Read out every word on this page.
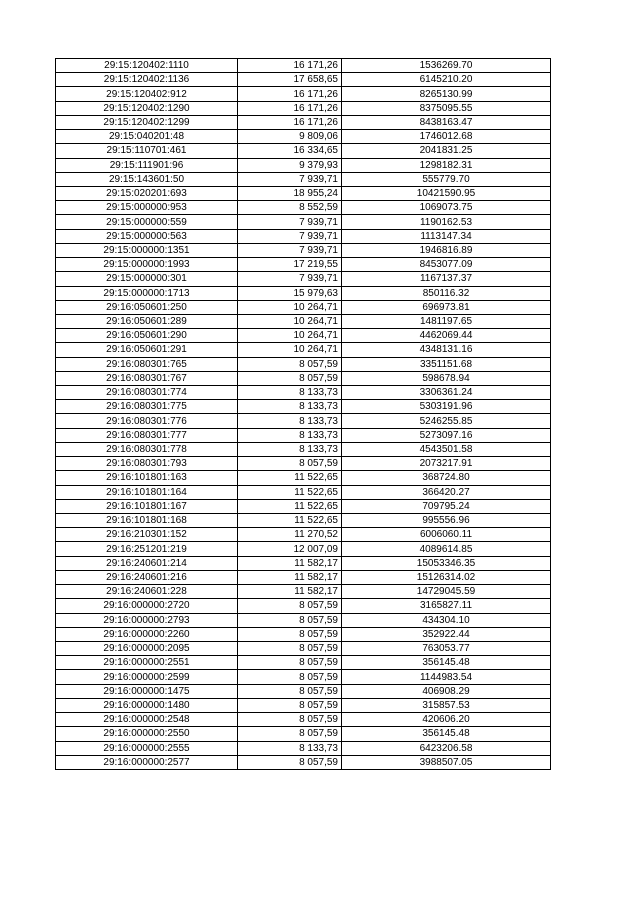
29:15:120402:1110	16 171,26	1536269.70
29:15:120402:1136	17 658,65	6145210.20
29:15:120402:912	16 171,26	8265130.99
29:15:120402:1290	16 171,26	8375095.55
29:15:120402:1299	16 171,26	8438163.47
29:15:040201:48	9 809,06	1746012.68
29:15:110701:461	16 334,65	2041831.25
29:15:111901:96	9 379,93	1298182.31
29:15:143601:50	7 939,71	555779.70
29:15:020201:693	18 955,24	10421590.95
29:15:000000:953	8 552,59	1069073.75
29:15:000000:559	7 939,71	1190162.53
29:15:000000:563	7 939,71	1113147.34
29:15:000000:1351	7 939,71	1946816.89
29:15:000000:1993	17 219,55	8453077.09
29:15:000000:301	7 939,71	1167137.37
29:15:000000:1713	15 979,63	850116.32
29:16:050601:250	10 264,71	696973.81
29:16:050601:289	10 264,71	1481197.65
29:16:050601:290	10 264,71	4462069.44
29:16:050601:291	10 264,71	4348131.16
29:16:080301:765	8 057,59	3351151.68
29:16:080301:767	8 057,59	598678.94
29:16:080301:774	8 133,73	3306361.24
29:16:080301:775	8 133,73	5303191.96
29:16:080301:776	8 133,73	5246255.85
29:16:080301:777	8 133,73	5273097.16
29:16:080301:778	8 133,73	4543501.58
29:16:080301:793	8 057,59	2073217.91
29:16:101801:163	11 522,65	368724.80
29:16:101801:164	11 522,65	366420.27
29:16:101801:167	11 522,65	709795.24
29:16:101801:168	11 522,65	995556.96
29:16:210301:152	11 270,52	6006060.11
29:16:251201:219	12 007,09	4089614.85
29:16:240601:214	11 582,17	15053346.35
29:16:240601:216	11 582,17	15126314.02
29:16:240601:228	11 582,17	14729045.59
29:16:000000:2720	8 057,59	3165827.11
29:16:000000:2793	8 057,59	434304.10
29:16:000000:2260	8 057,59	352922.44
29:16:000000:2095	8 057,59	763053.77
29:16:000000:2551	8 057,59	356145.48
29:16:000000:2599	8 057,59	1144983.54
29:16:000000:1475	8 057,59	406908.29
29:16:000000:1480	8 057,59	315857.53
29:16:000000:2548	8 057,59	420606.20
29:16:000000:2550	8 057,59	356145.48
29:16:000000:2555	8 133,73	6423206.58
29:16:000000:2577	8 057,59	3988507.05
